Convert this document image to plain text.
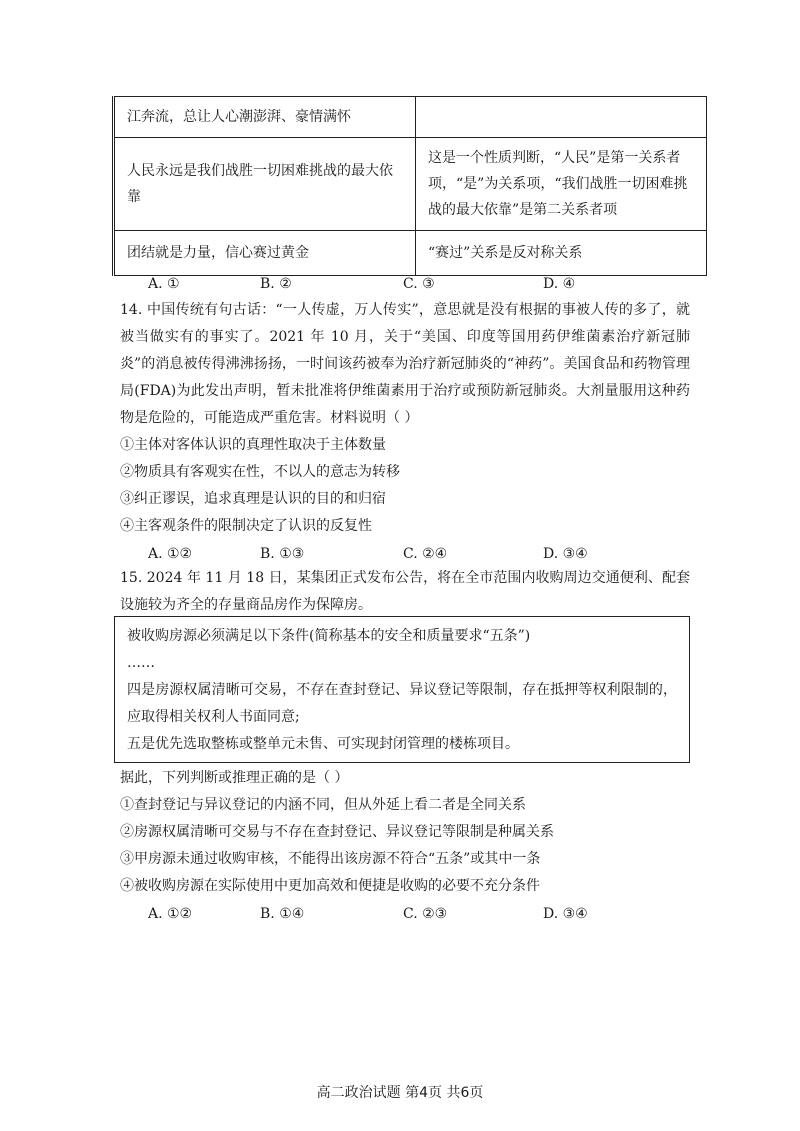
江奔流，总让人心潮澎湃、豪情满怀	
人民永远是我们战胜一切困难挑战的最大依靠	这是一个性质判断，“人民”是第一关系者项，“是”为关系项，“我们战胜一切困难挑战的最大依靠”是第二关系者项
团结就是力量，信心赛过黄金	“赛过”关系是反对称关系
A. ①	B. ②	C. ③	D. ④
14. 中国传统有句古话：“一人传虚，万人传实”，意思就是没有根据的事被人传的多了，就被当做实有的事实了。2021 年 10 月，关于“美国、印度等国用药伊维菌素治疗新冠肺炎”的消息被传得沸沸扬扬，一时间该药被奉为治疗新冠肺炎的“神药”。美国食品和药物管理局(FDA)为此发出声明，暂未批准将伊维菌素用于治疗或预防新冠肺炎。大剂量服用这种药物是危险的，可能造成严重危害。材料说明（ ）
①主体对客体认识的真理性取决于主体数量
②物质具有客观实在性，不以人的意志为转移
③纠正谬误，追求真理是认识的目的和归宿
④主客观条件的限制决定了认识的反复性
A. ①②	B. ①③	C. ②④	D. ③④
15. 2024 年 11 月 18 日，某集团正式发布公告，将在全市范围内收购周边交通便利、配套设施较为齐全的存量商品房作为保障房。
被收购房源必须满足以下条件(简称基本的安全和质量要求“五条”)
……
四是房源权属清晰可交易，不存在查封登记、异议登记等限制，存在抵押等权利限制的，应取得相关权利人书面同意;
五是优先选取整栋或整单元未售、可实现封闭管理的楼栋项目。
据此，下列判断或推理正确的是（ ）
①查封登记与异议登记的内涵不同，但从外延上看二者是全同关系
②房源权属清晰可交易与不存在查封登记、异议登记等限制是种属关系
③甲房源未通过收购审核，不能得出该房源不符合“五条”或其中一条
④被收购房源在实际使用中更加高效和便捷是收购的必要不充分条件
A. ①②	B. ①④	C. ②③	D. ③④
高二政治试题 第4页 共6页
